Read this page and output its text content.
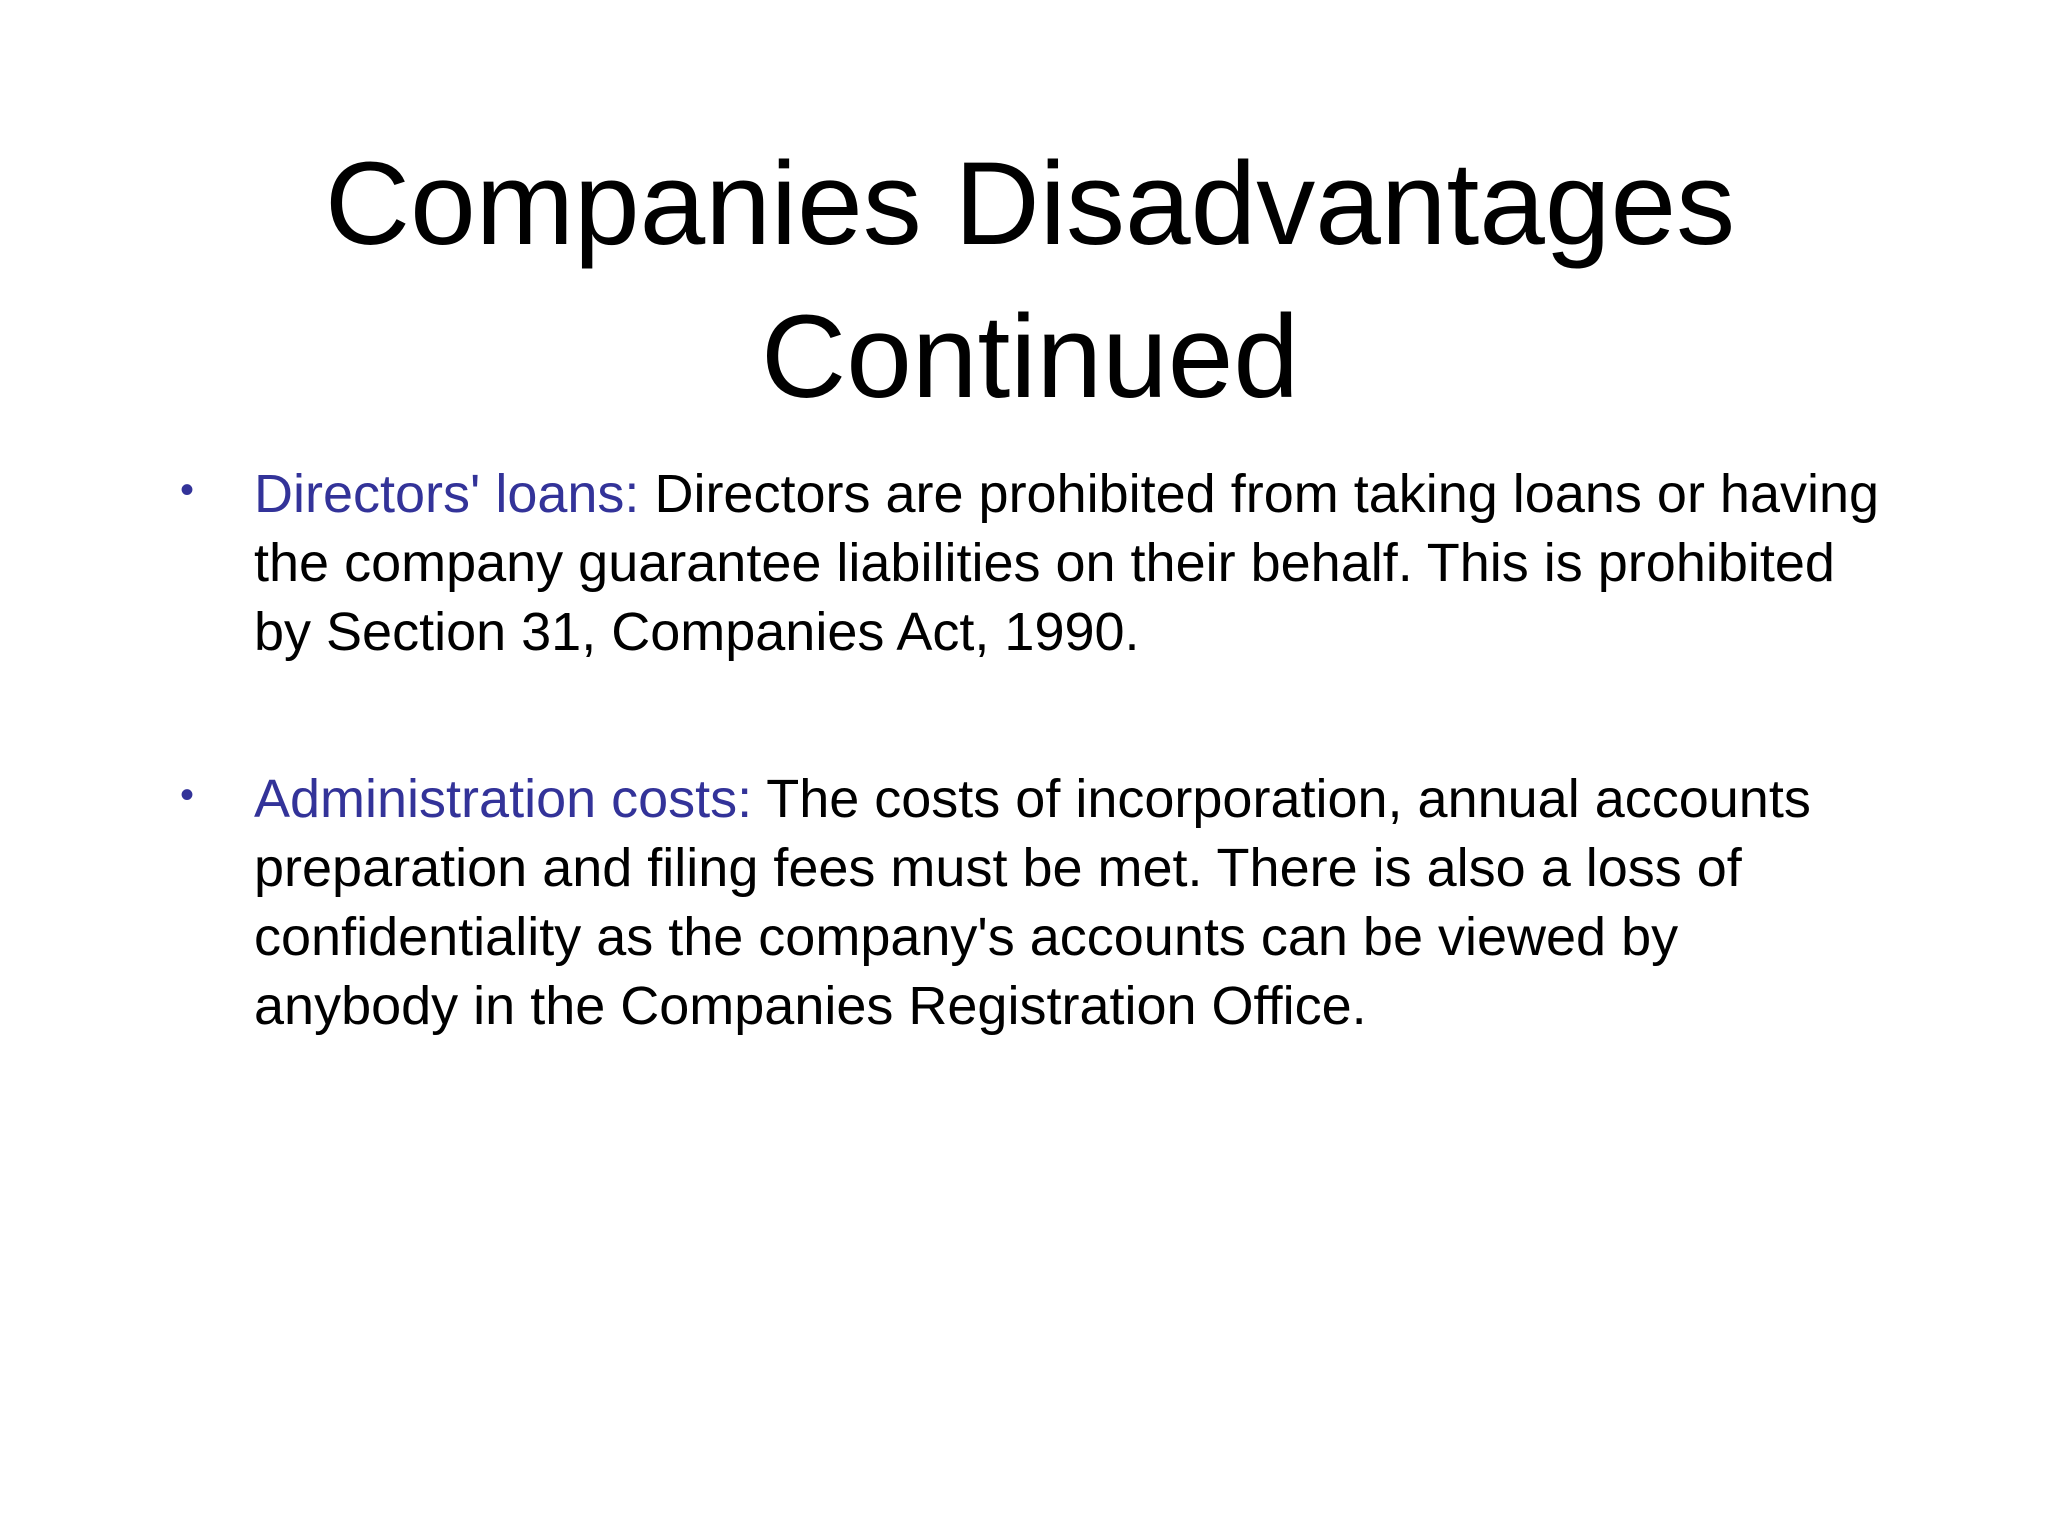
Companies Disadvantages
Continued
• Directors' loans: Directors are prohibited from taking loans or having the company guarantee liabilities on their behalf. This is prohibited by Section 31, Companies Act, 1990.
• Administration costs: The costs of incorporation, annual accounts preparation and filing fees must be met. There is also a loss of confidentiality as the company's accounts can be viewed by anybody in the Companies Registration Office.
